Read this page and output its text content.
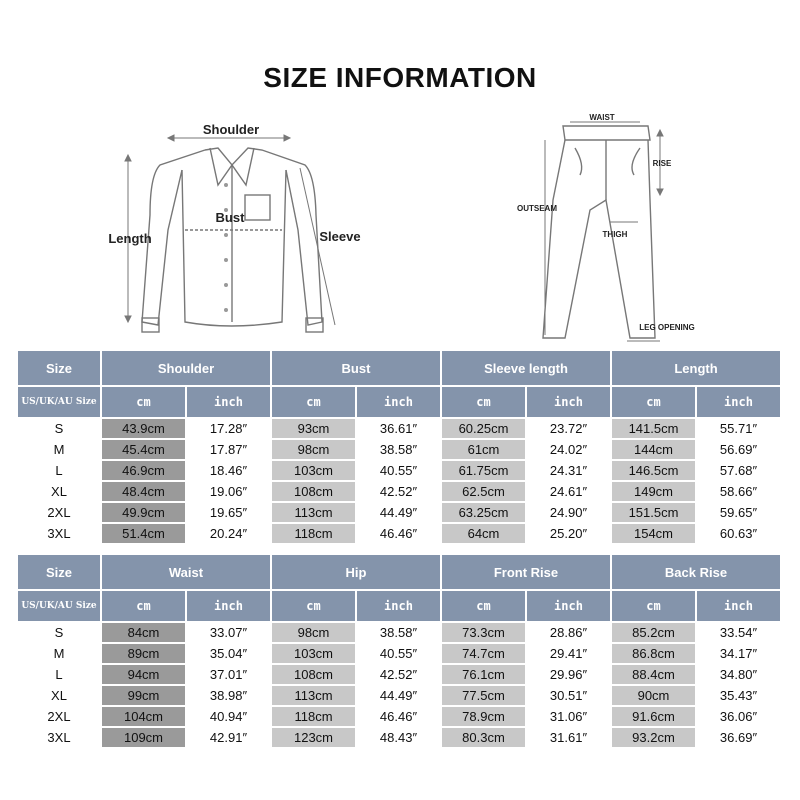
SIZE INFORMATION
Shoulder
Bust
Length	Sleeve
WAIST
RISE
OUTSEAM
THIGH
LEG OPENING
Size	Shoulder		Bust		Sleeve length		Length	
US/UK/AU Size	cm	inch	cm	inch	cm	inch	cm	inch
S	43.9cm	17.28″	93cm	36.61″	60.25cm	23.72″	141.5cm	55.71″
M	45.4cm	17.87″	98cm	38.58″	61cm	24.02″	144cm	56.69″
L	46.9cm	18.46″	103cm	40.55″	61.75cm	24.31″	146.5cm	57.68″
XL	48.4cm	19.06″	108cm	42.52″	62.5cm	24.61″	149cm	58.66″
2XL	49.9cm	19.65″	113cm	44.49″	63.25cm	24.90″	151.5cm	59.65″
3XL	51.4cm	20.24″	118cm	46.46″	64cm	25.20″	154cm	60.63″
Size	Waist		Hip		Front Rise		Back Rise	
US/UK/AU Size	cm	inch	cm	inch	cm	inch	cm	inch
S	84cm	33.07″	98cm	38.58″	73.3cm	28.86″	85.2cm	33.54″
M	89cm	35.04″	103cm	40.55″	74.7cm	29.41″	86.8cm	34.17″
L	94cm	37.01″	108cm	42.52″	76.1cm	29.96″	88.4cm	34.80″
XL	99cm	38.98″	113cm	44.49″	77.5cm	30.51″	90cm	35.43″
2XL	104cm	40.94″	118cm	46.46″	78.9cm	31.06″	91.6cm	36.06″
3XL	109cm	42.91″	123cm	48.43″	80.3cm	31.61″	93.2cm	36.69″
